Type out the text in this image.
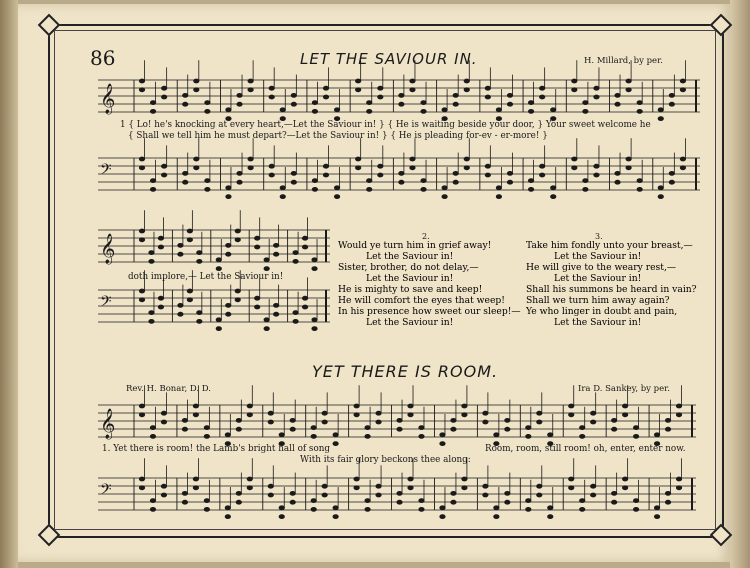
𝄞
𝄢
𝄞
𝄢
𝄞
𝄢
86	LET THE SAVIOUR IN.	H. Millard, by per.
1 { Lo! he's knocking at every heart,—Let the Saviour in! } { He is waiting beside your door, } Your sweet welcome he
{ Shall we tell him he must depart?—Let the Saviour in! } { He is pleading for-ev - er-more! }
doth implore,— Let the Saviour in!
2.
Would ye turn him in grief away!
Let the Saviour in!
Sister, brother, do not delay,—
Let the Saviour in!
He is mighty to save and keep!
He will comfort the eyes that weep!
In his presence how sweet our sleep!—
Let the Saviour in!
3.
Take him fondly unto your breast,—
Let the Saviour in!
He will give to the weary rest,—
Let the Saviour in!
Shall his summons be heard in vain?
Shall we turn him away again?
Ye who linger in doubt and pain,
Let the Saviour in!
YET THERE IS ROOM.
Rev. H. Bonar, D. D.	Ira D. Sankey, by per.
1. Yet there is room! the Lamb's bright hall of song	Room, room, still room! oh, enter, enter now.
With its fair glory beckons thee along:
